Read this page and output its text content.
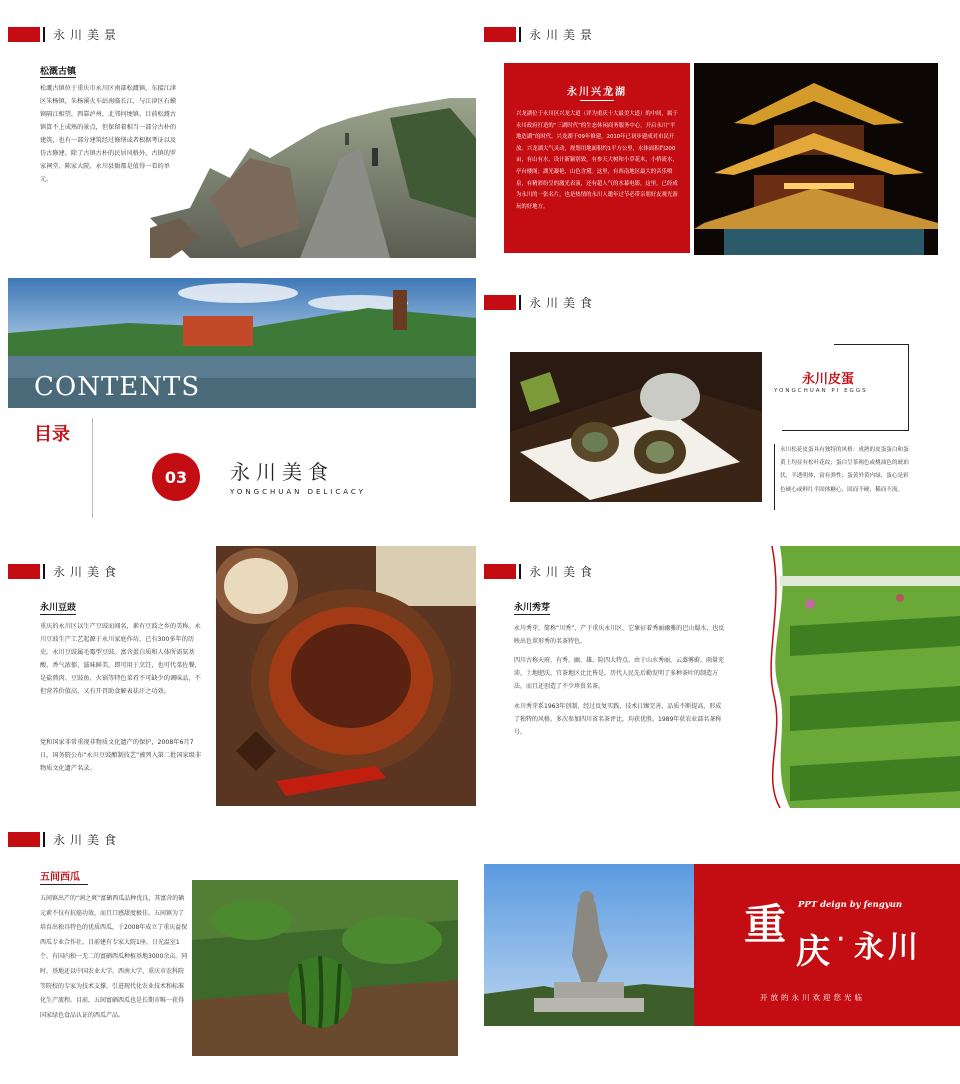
永川美景
松溉古镇
松溉古镇位于重庆市永川区南部松溉镇，东接江津区朱杨镇，朱杨溪火车站南临长江，与江津区石蟆镇隔江相望，西靠泸州，北邻何埂镇。目前松溉古镇算不上成熟的景点，但保留着相当一部分古朴的建筑，也有一部分建筑经过修缮或者根据考证以及仿古修建。除了古镇古朴的民居风格外，古镇的罗家祠堂、陈家大院、永川县衙都是值得一看的单元。
永川美景
永川兴龙湖
兴龙湖位于永川区兴龙大道（评为重庆十大最美大道）的中间，属于永川政府打造的“三湖时代”的生态休闲商务服务中心，开启永川“平地造湖”的时代。兴龙湖于09年修建，2010年已初步建成对市民开放。兴龙湖大气灵动，规划用地面积约1平方公里，水体面积约200亩，有山有水，设计新颖别致，有参天大树和小草花木，小桥流水，亭台楼阁；湖光凝艳、山色含黛。这里，有西南地区最大的音乐喷泉，有精彩纷呈的激光表演，还有超人气的水幕电影，这里，已经成为永川的一张名片，也是热情的永川人邀年过节必带亲朋好友观光游玩的好地方。
CONTENTS
目录
03 永川美食
YONGCHUAN DELICACY
永川美食
永川皮蛋
YONGCHUAN PI EGGS
永川松花皮蛋具有独特的风格：成熟的皮蛋蛋白和蛋黄上均显有松叶花纹；蛋白呈茶褐色或桃油色的琥珀状，半透明体，富有弹性；蛋黄外黄内绿，蛋心是彩色硬心或鲜红半固体糖心，固而不硬，稀而不流。
永川美食
永川豆豉
重庆的永川区以生产豆豉而闻名，素有豆豉之乡的美称。永川豆豉生产工艺起源于永川家庭作坊，已有300多年的历史。永川豆豉属毛霉型豆豉。富含蛋白质和人体所需氨基酸，香气浓郁，滋味鲜美，即可用于烹饪，也可代菜佐餐，是盐煎肉、豆豉鱼、火锅等特色菜肴不可缺少的调味品，不但营养价值高，又有开胃助食解表祛汗之功效。
党和国家非常重视非物质文化遗产的保护，2008年6月7日，国务院公布“永川豆豉酿制技艺”被列入第二批国家级非物质文化遗产名录。
永川美食
永川秀芽
永川秀芽，简称“川秀”，产于重庆永川区。它象征着秀丽幽雅的巴山蜀水，也反映出色翠形秀的名茶特色。
四川古称天府，有秀、幽、雄、险四大特点。由于山水秀丽，云蒸雾蔚，雨量充沛，土地肥沃，宜茶地区比比皆是。历代人民先后勤发明了多种茶叶的制造方法，而且还创造了不少珍贵名茶。
永川秀芽系1963年创制，经过反复实践，技术日臻完善，品质不断提高，形成了独特的风格。多次参加四川省名茶评比，均获优胜。1989年获农业部名茶称号。
永川美食
五间西瓜
五间镇出产的“润之爽”富硒西瓜品种优良，其富含的硒元素不仅有抗癌功效，而且口感甜度极佳。五间镇为了培育出独具特色的优质西瓜，于2008年成立了重庆益保西瓜专业合作社。目前建有专家大院1座、日光温室1个，有国内独一无二的富硒西瓜种植基地3000余亩。同时，基地还以中国农业大学、西南大学、重庆市农科院等院校的专家为技术支撑，引进现代化农业技术和标准化生产流程。目前，五间富硒西瓜也是长期市唯一获得国家绿色食品认证的西瓜产品。
PPT deign by fengyun
重
庆 · 永川
开放的永川欢迎您光临
